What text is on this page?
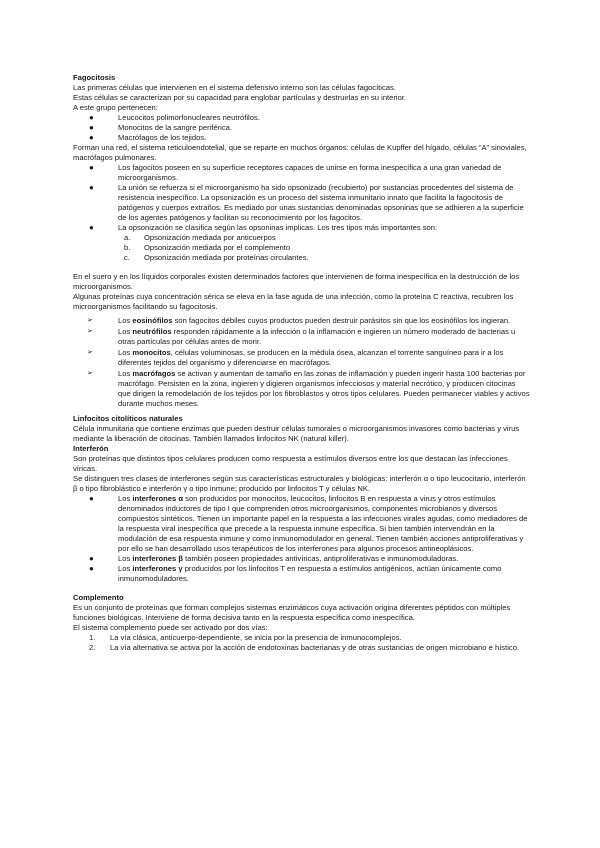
Fagocitosis

Las primeras células que intervienen en el sistema defensivo interno son las células fagocíticas.

Estas células se caracterizan por su capacidad para englobar partículas y destruirlas en su interior.

A este grupo pertenecen:

●	Leucocitos polimorfonucleares neutrófilos.
●	Monocitos de la sangre periférica.
●	Macrófagos de los tejidos.

Forman una red, el sistema reticuloendotelial, que se reparte en muchos órganos: células de Kupffer del hígado, células “A” sinoviales, macrófagos pulmonares.

●	Los fagocitos poseen en su superficie receptores capaces de unirse en forma inespecífica a una gran variedad de microorganismos.
●	La unión se refuerza si el microorganismo ha sido opsonizado (recubierto) por sustancias procedentes del sistema de resistencia inespecífico. La opsonización es un proceso del sistema inmunitario innato que facilita la fagocitosis de patógenos y cuerpos extraños. Es mediado por unas sustancias denominadas opsoninas que se adhieren a la superficie de los agentes patógenos y facilitan su reconocimiento por los fagocitos.
●	La opsonización se clasifica según las opsoninas implicas. Los tres tipos más importantes son:
a. Opsonización mediada por anticuerpos
b. Opsonización mediada por el complemento
c. Opsonización mediada por proteínas circulantes.

En el suero y en los líquidos corporales existen determinados factores que intervienen de forma inespecífica en la destrucción de los microorganismos.

Algunas proteínas cuya concentración sérica se eleva en la fase aguda de una infección, como la proteína C reactiva, recubren los microorganismos facilitando su fagocitosis.

➢	Los eosinófilos son fagocitos débiles cuyos productos pueden destruir parásitos sin que los eosinófilos los ingieran.
➢	Los neutrófilos responden rápidamente a la infección o la inflamación e ingieren un número moderado de bacterias u otras partículas por células antes de morir.
➢	Los monocitos, células voluminosas, se producen en la médula ósea, alcanzan el torrente sanguíneo para ir a los diferentes tejidos del organismo y diferenciarse en macrófagos.
➢	Los macrófagos se activan y aumentan de tamaño en las zonas de inflamación y pueden ingerir hasta 100 bacterias por macrófago. Persisten en la zona, ingieren y digieren organismos infecciosos y material necrótico, y producen citocinas que dirigen la remodelación de los tejidos por los fibroblastos y otros tipos celulares. Pueden permanecer viables y activos durante muchos meses.
Linfocitos citolíticos naturales

Célula inmunitaria que contiene enzimas que pueden destruir células tumorales o microorganismos invasores como bacterias y virus mediante la liberación de citocinas. También llamados linfocitos NK (natural killer).

Interferón

Son proteínas que distintos tipos celulares producen como respuesta a estímulos diversos entre los que destacan las infecciones víricas.

Se distinguen tres clases de interferones según sus características estructurales y biológicas: interferón α o tipo leucocitario, interferón β o tipo fibroblástico e interferón γ o tipo inmune; producido por linfocitos T y células NK.

●	Los interferones α son producidos por monocitos, leucocitos, linfocitos B en respuesta a virus y otros estímulos denominados inductores de tipo I que comprenden otros microorganismos, componentes microbianos y diversos compuestos sintéticos. Tienen un importante papel en la respuesta a las infecciones virales agudas, como mediadores de la respuesta viral inespecífica que precede a la respuesta inmune específica. Si bien también intervendrán en la modulación de esa respuesta inmune y como inmunomodulador en general. Tienen también acciones antiproliferativas y por ello se han desarrollado usos terapéuticos de los interferones para algunos procesos antineoplásicos.
●	Los interferones β también poseen propiedades antivíricas, antiproliferativas e inmunomoduladoras.
●	Los interferones γ producidos por los linfocitos T en respuesta a estímulos antigénicos, actúan únicamente como inmunomoduladores.
Complemento

Es un conjunto de proteínas que forman complejos sistemas enzimáticos cuya activación origina diferentes péptidos con múltiples funciones biológicas. Interviene de forma decisiva tanto en la respuesta específica como inespecífica.

El sistema complemento puede ser activado por dos vías:

1. La vía clásica, anticuerpo-dependiente, se inicia por la presencia de inmunocomplejos.
2. La vía alternativa se activa por la acción de endotoxinas bacterianas y de otras sustancias de origen microbiano e hístico.
